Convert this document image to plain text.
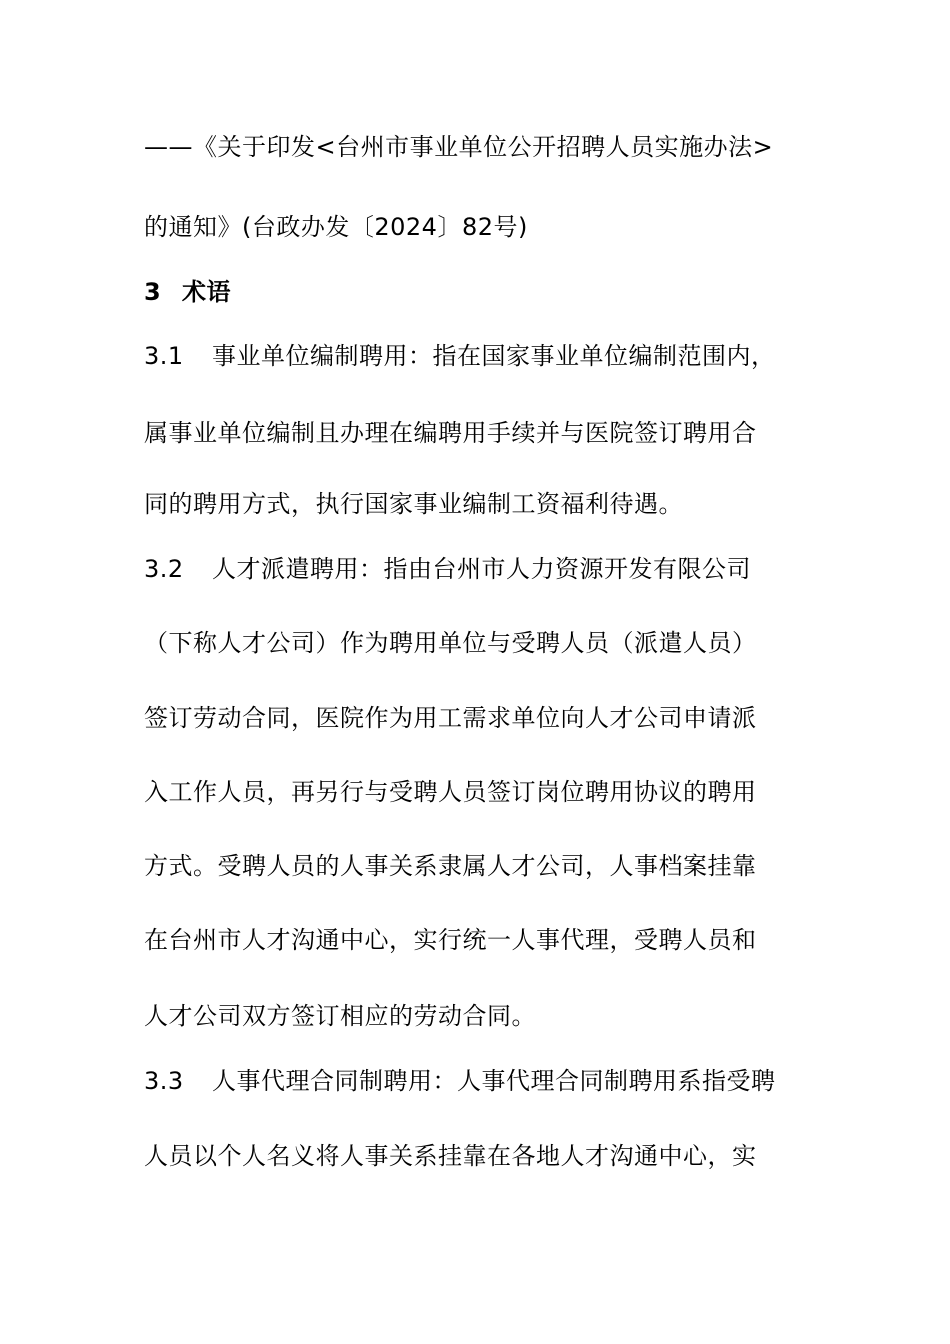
——《关于印发<台州市事业单位公开招聘人员实施办法>
的通知》(台政办发〔2024〕82号)
3 术语
3.1 事业单位编制聘用：指在国家事业单位编制范围内，
属事业单位编制且办理在编聘用手续并与医院签订聘用合
同的聘用方式，执行国家事业编制工资福利待遇。
3.2 人才派遣聘用：指由台州市人力资源开发有限公司
（下称人才公司）作为聘用单位与受聘人员（派遣人员）
签订劳动合同，医院作为用工需求单位向人才公司申请派
入工作人员，再另行与受聘人员签订岗位聘用协议的聘用
方式。受聘人员的人事关系隶属人才公司，人事档案挂靠
在台州市人才沟通中心，实行统一人事代理，受聘人员和
人才公司双方签订相应的劳动合同。
3.3 人事代理合同制聘用：人事代理合同制聘用系指受聘
人员以个人名义将人事关系挂靠在各地人才沟通中心，实
